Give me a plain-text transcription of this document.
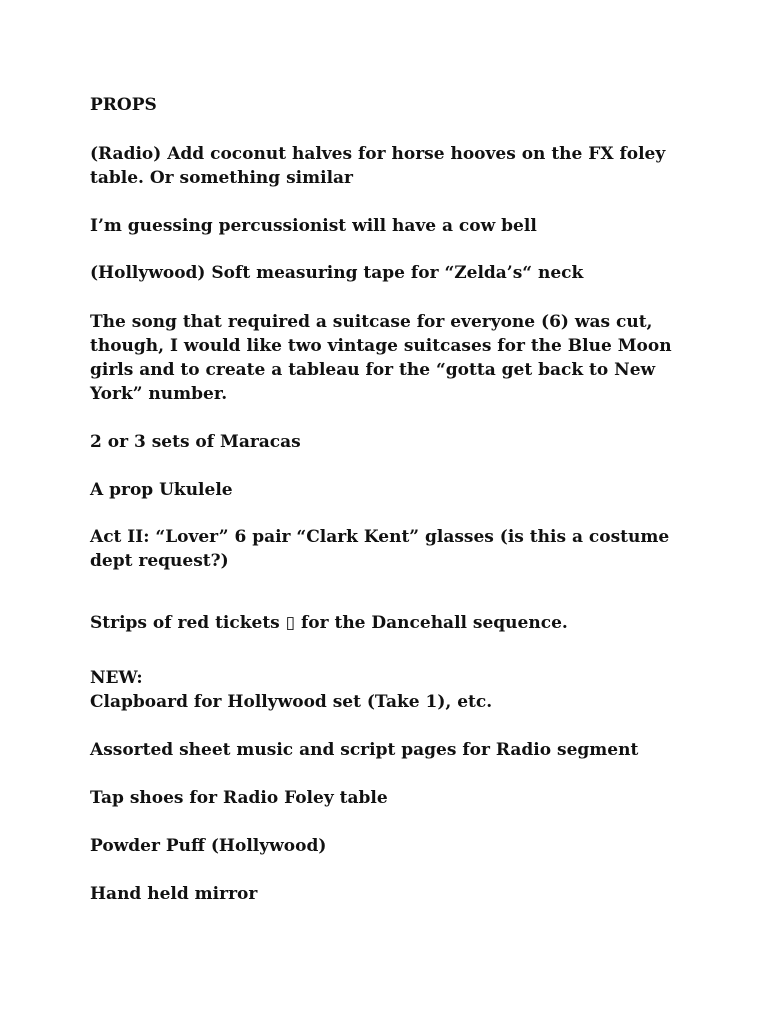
PROPS

(Radio) Add coconut halves for horse hooves on the FX foley

table. Or something similar

I’m guessing percussionist will have a cow bell

(Hollywood) Soft measuring tape for “Zelda’s“ neck

The song that required a suitcase for everyone (6) was cut,

though, I would like two vintage suitcases for the Blue Moon

girls and to create a tableau for the “gotta get back to New

York” number.

2 or 3 sets of Maracas

A prop Ukulele

Act II: “Lover” 6 pair “Clark Kent” glasses (is this a costume

dept request?)

Strips of red tickets ▯ for the Dancehall sequence.

NEW:

Clapboard for Hollywood set (Take 1), etc.

Assorted sheet music and script pages for Radio segment

Tap shoes for Radio Foley table

Powder Puff (Hollywood)

Hand held mirror
